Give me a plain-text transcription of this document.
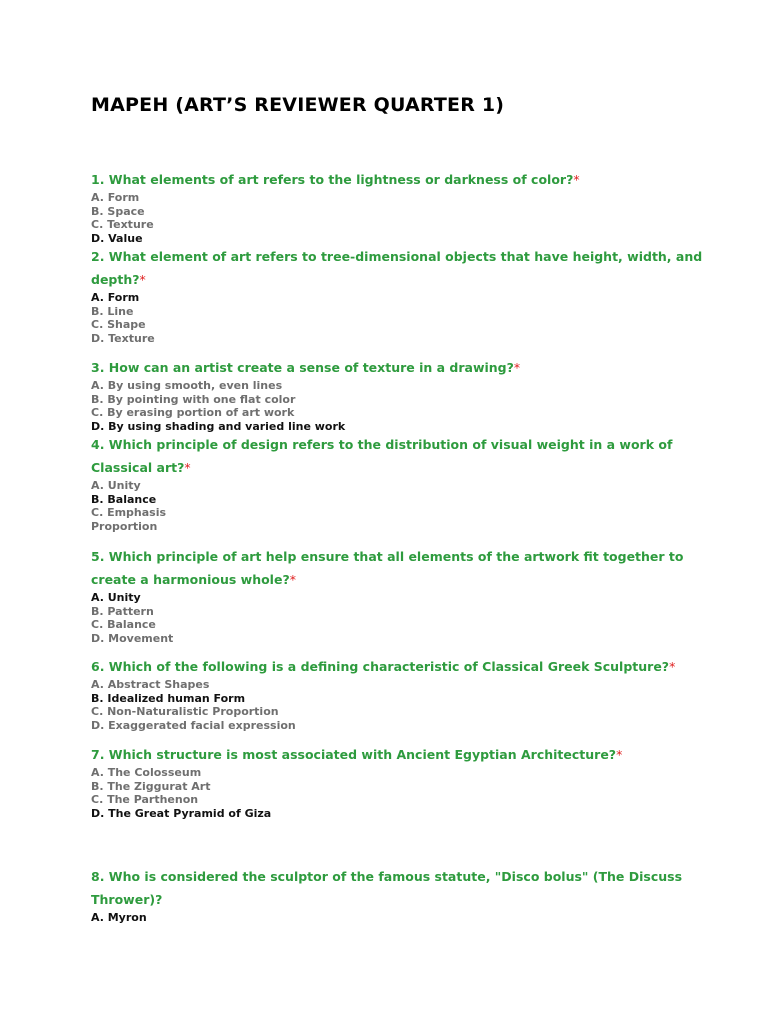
MAPEH (ART’S REVIEWER QUARTER 1)

1. What elements of art refers to the lightness or darkness of color?*

A. Form
B. Space
C. Texture
D. Value

2. What element of art refers to tree-dimensional objects that have height, width, and depth?*

A. Form
B. Line
C. Shape
D. Texture

3. How can an artist create a sense of texture in a drawing?*

A. By using smooth, even lines
B. By pointing with one flat color
C. By erasing portion of art work
D. By using shading and varied line work

4. Which principle of design refers to the distribution of visual weight in a work of Classical art?*

A. Unity
B. Balance
C. Emphasis
Proportion

5. Which principle of art help ensure that all elements of the artwork fit together to create a harmonious whole?*

A. Unity
B. Pattern
C. Balance
D. Movement

6. Which of the following is a defining characteristic of Classical Greek Sculpture?*

A. Abstract Shapes
B. Idealized human Form
C. Non-Naturalistic Proportion
D. Exaggerated facial expression

7. Which structure is most associated with Ancient Egyptian Architecture?*

A. The Colosseum
B. The Ziggurat Art
C. The Parthenon
D. The Great Pyramid of Giza

8. Who is considered the sculptor of the famous statute, "Disco bolus" (The Discuss Thrower)?

A. Myron
